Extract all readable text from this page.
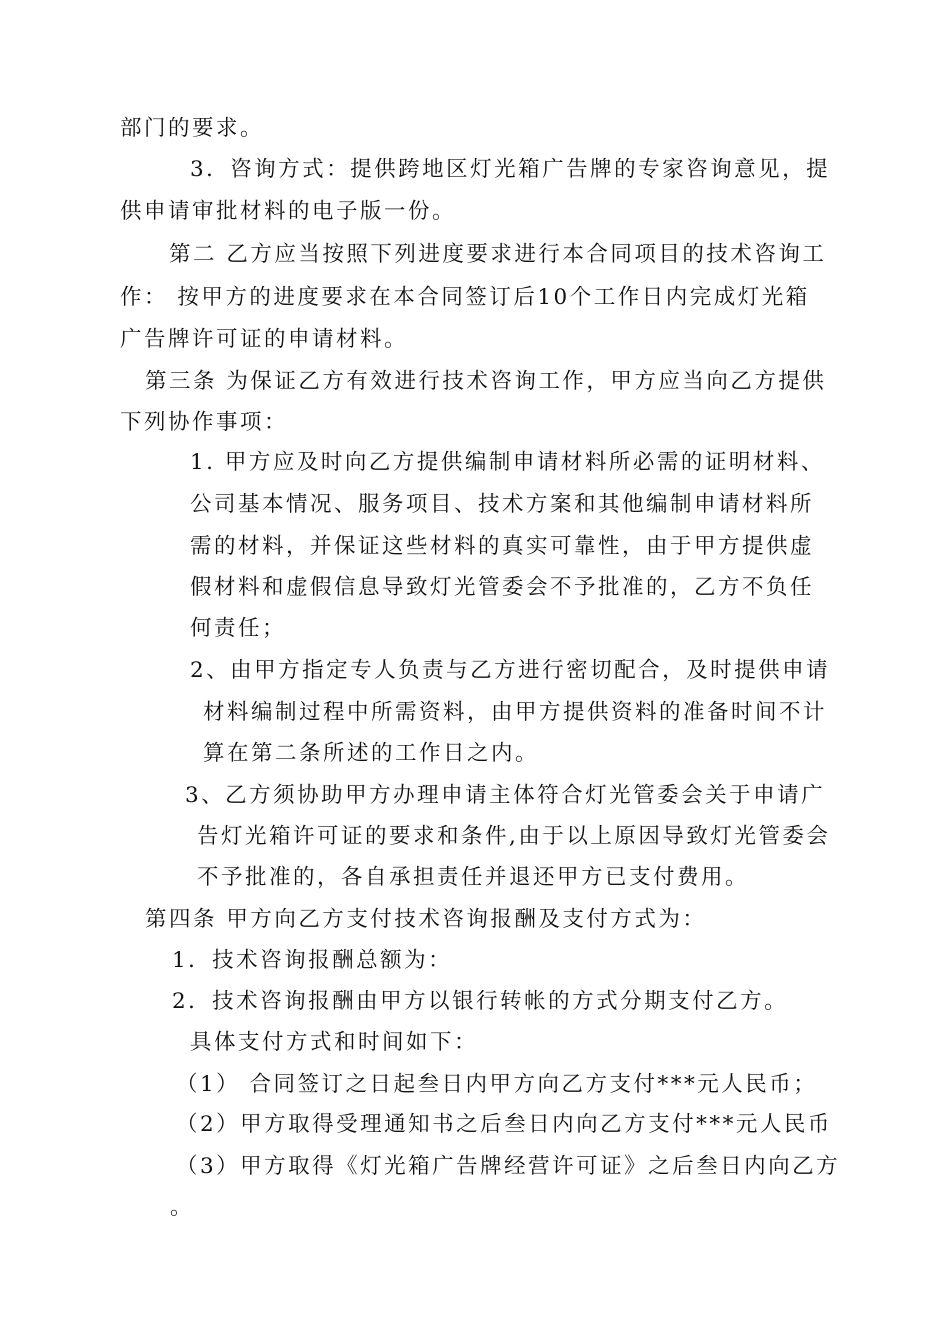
部门的要求。

3．咨询方式：提供跨地区灯光箱广告牌的专家咨询意见，提

供申请审批材料的电子版一份。

第二 乙方应当按照下列进度要求进行本合同项目的技术咨询工

作： 按甲方的进度要求在本合同签订后10个工作日内完成灯光箱

广告牌许可证的申请材料。

第三条 为保证乙方有效进行技术咨询工作，甲方应当向乙方提供

下列协作事项：

1. 甲方应及时向乙方提供编制申请材料所必需的证明材料、

公司基本情况、服务项目、技术方案和其他编制申请材料所

需的材料，并保证这些材料的真实可靠性，由于甲方提供虚

假材料和虚假信息导致灯光管委会不予批准的，乙方不负任

何责任；

2、由甲方指定专人负责与乙方进行密切配合，及时提供申请

材料编制过程中所需资料，由甲方提供资料的准备时间不计

算在第二条所述的工作日之内。

3、乙方须协助甲方办理申请主体符合灯光管委会关于申请广

告灯光箱许可证的要求和条件,由于以上原因导致灯光管委会

不予批准的，各自承担责任并退还甲方已支付费用。

第四条 甲方向乙方支付技术咨询报酬及支付方式为：

1．技术咨询报酬总额为：

2．技术咨询报酬由甲方以银行转帐的方式分期支付乙方。

具体支付方式和时间如下：

（1） 合同签订之日起叁日内甲方向乙方支付***元人民币；

（2）甲方取得受理通知书之后叁日内向乙方支付***元人民币

（3）甲方取得《灯光箱广告牌经营许可证》之后叁日内向乙方

。
